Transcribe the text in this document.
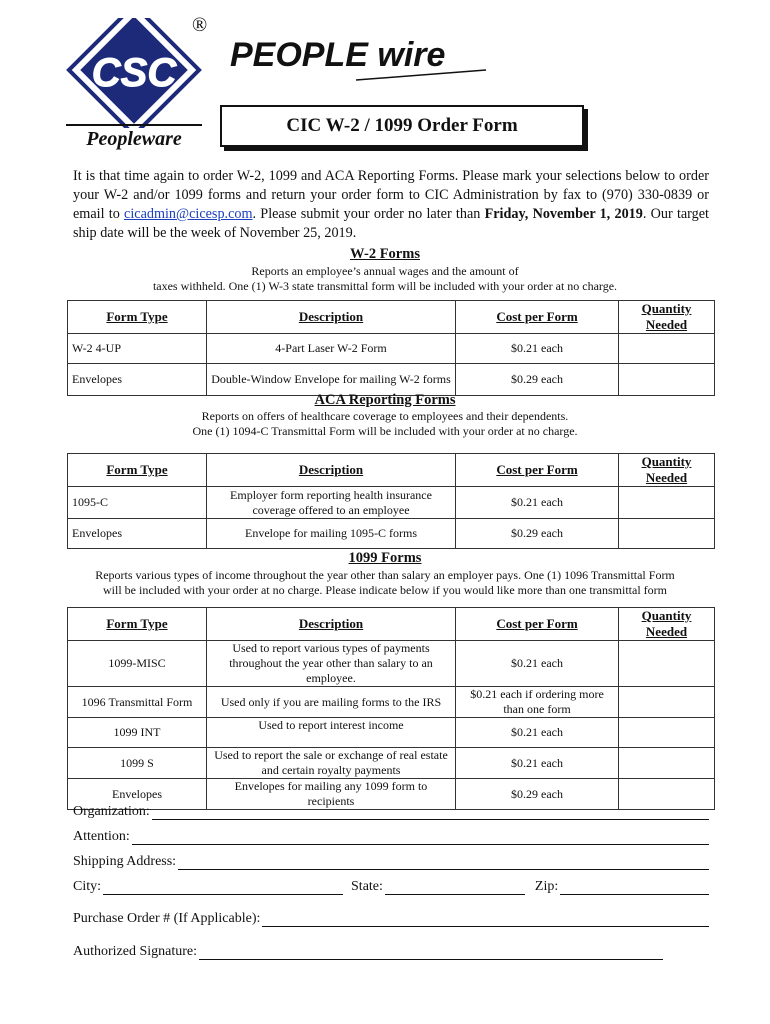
CSC
®
PEOPLE wire
Peopleware
CIC W-2 / 1099 Order Form
It is that time again to order W-2, 1099 and ACA Reporting Forms. Please mark your selections below to order your W-2 and/or 1099 forms and return your order form to CIC Administration by fax to (970) 330-0839 or email to cicadmin@cicesp.com. Please submit your order no later than Friday, November 1, 2019. Our target ship date will be the week of November 25, 2019.
W-2 Forms
Reports an employee’s annual wages and the amount of
taxes withheld. One (1) W-3 state transmittal form will be included with your order at no charge.
Form Type	Description	Cost per Form	Quantity Needed
W-2 4-UP	4-Part Laser W-2 Form	$0.21 each	
Envelopes	Double-Window Envelope for mailing W-2 forms	$0.29 each	
ACA Reporting Forms
Reports on offers of healthcare coverage to employees and their dependents.
One (1) 1094-C Transmittal Form will be included with your order at no charge.
Form Type	Description	Cost per Form	Quantity Needed
1095-C	Employer form reporting health insurance coverage offered to an employee	$0.21 each	
Envelopes	Envelope for mailing 1095-C forms	$0.29 each	
1099 Forms
Reports various types of income throughout the year other than salary an employer pays. One (1) 1096 Transmittal Form
will be included with your order at no charge. Please indicate below if you would like more than one transmittal form
Form Type	Description	Cost per Form	Quantity Needed
1099-MISC	Used to report various types of payments throughout the year other than salary to an employee.	$0.21 each	
1096 Transmittal Form	Used only if you are mailing forms to the IRS	$0.21 each if ordering more than one form	
1099 INT	Used to report interest income	$0.21 each	
1099 S	Used to report the sale or exchange of real estate and certain royalty payments	$0.21 each	
Envelopes	Envelopes for mailing any 1099 form to recipients	$0.29 each	
Organization:
Attention:
Shipping Address:
City:	State:	Zip:
Purchase Order # (If Applicable):
Authorized Signature:
